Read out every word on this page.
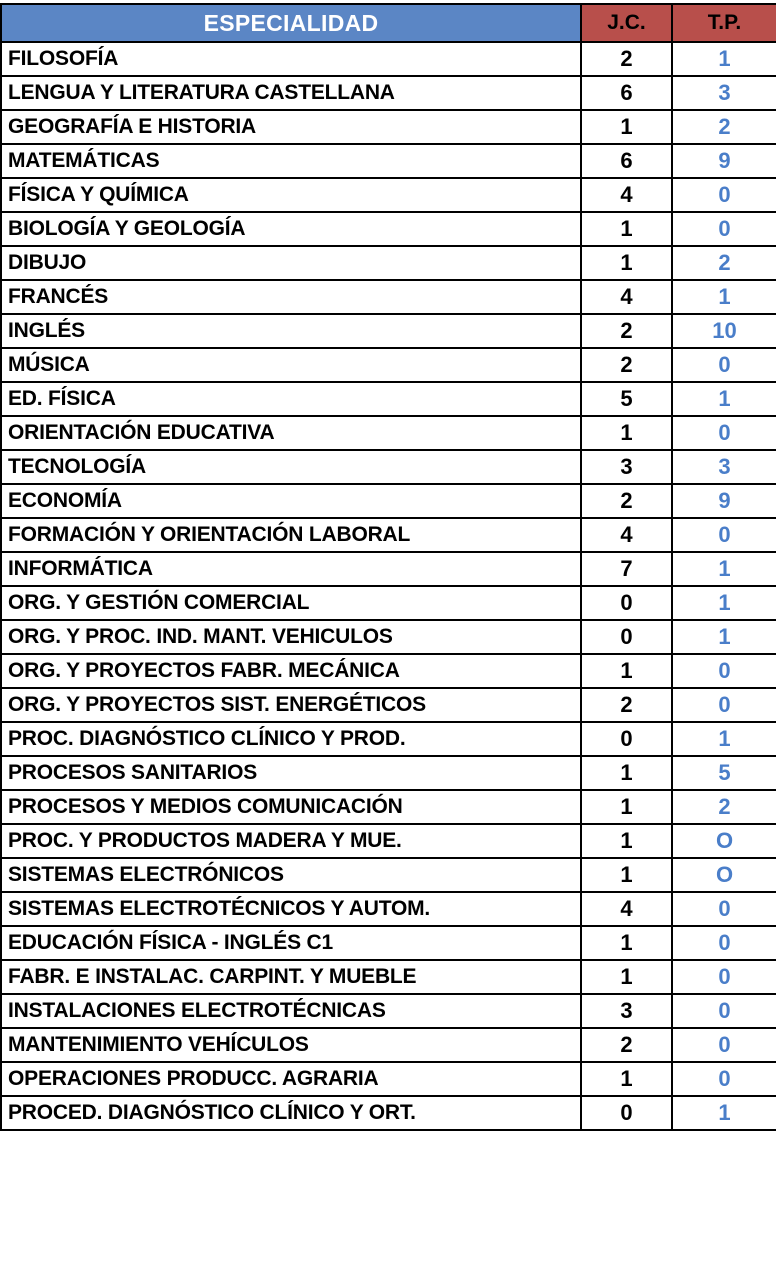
ESPECIALIDAD	J.C.	T.P.
FILOSOFÍA	2	1
LENGUA Y LITERATURA CASTELLANA	6	3
GEOGRAFÍA E HISTORIA	1	2
MATEMÁTICAS	6	9
FÍSICA Y QUÍMICA	4	0
BIOLOGÍA Y GEOLOGÍA	1	0
DIBUJO	1	2
FRANCÉS	4	1
INGLÉS	2	10
MÚSICA	2	0
ED. FÍSICA	5	1
ORIENTACIÓN EDUCATIVA	1	0
TECNOLOGÍA	3	3
ECONOMÍA	2	9
FORMACIÓN Y ORIENTACIÓN LABORAL	4	0
INFORMÁTICA	7	1
ORG. Y GESTIÓN COMERCIAL	0	1
ORG. Y PROC. IND. MANT. VEHICULOS	0	1
ORG. Y PROYECTOS FABR. MECÁNICA	1	0
ORG. Y PROYECTOS SIST. ENERGÉTICOS	2	0
PROC. DIAGNÓSTICO CLÍNICO Y PROD.	0	1
PROCESOS SANITARIOS	1	5
PROCESOS Y MEDIOS COMUNICACIÓN	1	2
PROC. Y PRODUCTOS MADERA Y MUE.	1	O
SISTEMAS ELECTRÓNICOS	1	O
SISTEMAS ELECTROTÉCNICOS Y AUTOM.	4	0
EDUCACIÓN FÍSICA - INGLÉS C1	1	0
FABR. E INSTALAC. CARPINT. Y MUEBLE	1	0
INSTALACIONES ELECTROTÉCNICAS	3	0
MANTENIMIENTO VEHÍCULOS	2	0
OPERACIONES PRODUCC. AGRARIA	1	0
PROCED. DIAGNÓSTICO CLÍNICO Y ORT.	0	1
